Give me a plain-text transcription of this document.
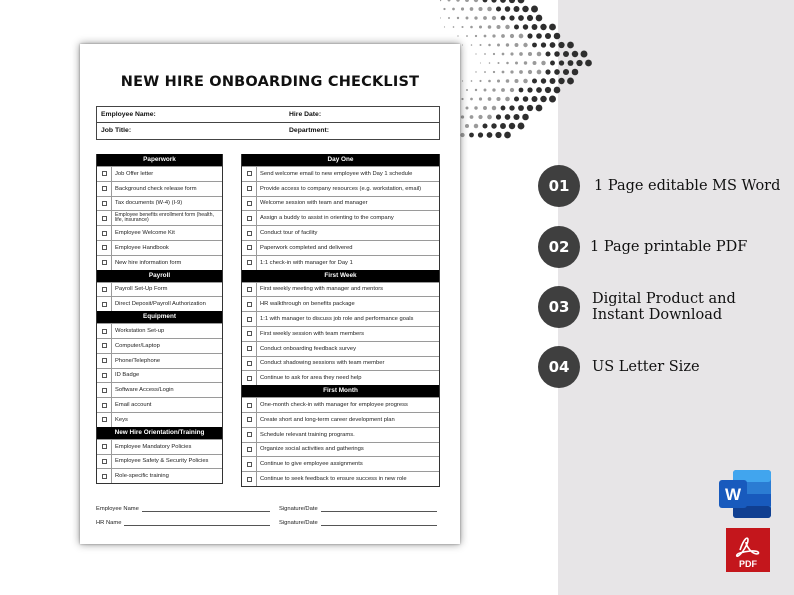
NEW HIRE ONBOARDING CHECKLIST
Employee Name:	Hire Date:
Job Title:	Department:
Paperwork
Job Offer letter
Background check release form
Tax documents (W-4) (I-9)
Employee benefits enrollment form (health, life, insurance)
Employee Welcome Kit
Employee Handbook
New hire information form
Payroll
Payroll Set-Up Form
Direct Deposit/Payroll Authorization
Equipment
Workstation Set-up
Computer/Laptop
Phone/Telephone
ID Badge
Software Access/Login
Email account
Keys
New Hire Orientation/Training
Employee Mandatory Policies
Employee Safety & Security Policies
Role-specific training
Day One
Send welcome email to new employee with Day 1 schedule
Provide access to company resources (e.g. workstation, email)
Welcome session with team and manager
Assign a buddy to assist in orienting to the company
Conduct tour of facility
Paperwork completed and delivered
1:1 check-in with manager for Day 1
First Week
First weekly meeting with manager and mentors
HR walkthrough on benefits package
1:1 with manager to discuss job role and performance goals
First weekly session with team members
Conduct onboarding feedback survey
Conduct shadowing sessions with team member
Continue to ask for area they need help
First Month
One-month check-in with manager for employee progress
Create short and long-term career development plan
Schedule relevant training programs.
Organize social activities and gatherings
Continue to give employee assignments
Continue to seek feedback to ensure success in new role
Employee Name	Signature/Date
HR Name	Signature/Date
01	1 Page editable MS Word
02	1 Page printable PDF
03	Digital Product and
Instant Download
04	US Letter Size
W
PDF
